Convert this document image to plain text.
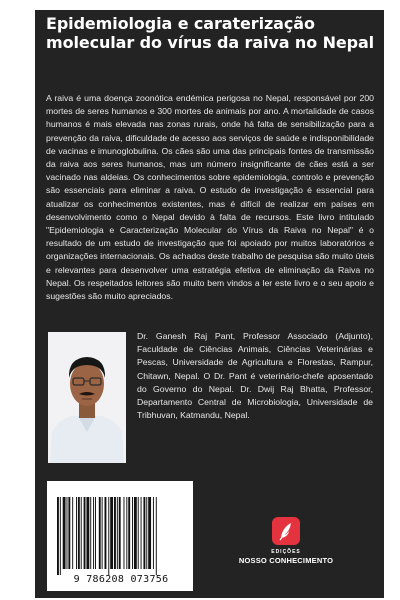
Epidemiologia e caraterização molecular do vírus da raiva no Nepal

A raiva é uma doença zoonótica endémica perigosa no Nepal, responsável por 200 mortes de seres humanos e 300 mortes de animais por ano. A mortalidade de casos humanos é mais elevada nas zonas rurais, onde há falta de sensibilização para a prevenção da raiva, dificuldade de acesso aos serviços de saúde e indisponibilidade de vacinas e imunoglobulina. Os cães são uma das principais fontes de transmissão da raiva aos seres humanos, mas um número insignificante de cães está a ser vacinado nas aldeias. Os conhecimentos sobre epidemiologia, controlo e prevenção são essenciais para eliminar a raiva. O estudo de investigação é essencial para atualizar os conhecimentos existentes, mas é difícil de realizar em países em desenvolvimento como o Nepal devido à falta de recursos. Este livro intitulado "Epidemiologia e Caracterização Molecular do Vírus da Raiva no Nepal" é o resultado de um estudo de investigação que foi apoiado por muitos laboratórios e organizações internacionais. Os achados deste trabalho de pesquisa são muito úteis e relevantes para desenvolver uma estratégia efetiva de eliminação da Raiva no Nepal. Os respeitados leitores são muito bem vindos a ler este livro e o seu apoio e sugestões são muito apreciados.

Dr. Ganesh Raj Pant, Professor Associado (Adjunto), Faculdade de Ciências Animais, Ciências Veterinárias e Pescas, Universidade de Agricultura e Florestas, Rampur, Chitawn, Nepal. O Dr. Pant é veterinário-chefe aposentado do Governo do Nepal. Dr. Dwij Raj Bhatta, Professor, Departamento Central de Microbiologia, Universidade de Tribhuvan, Katmandu, Nepal.

9 786208 073756
EDIÇÕES
NOSSO CONHECIMENTO
